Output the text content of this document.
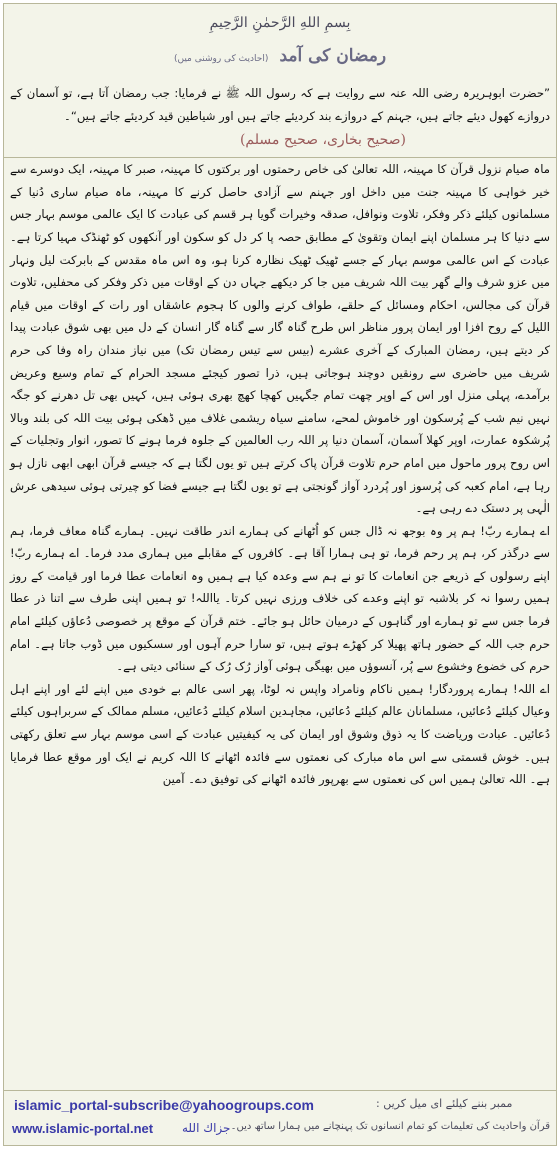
بِسمِ اللهِ الرَّحمٰنِ الرَّحِيمِ
رمضان کی آمد (احادیث کی روشنی میں)

”حضرت ابوہریرہ رضی اللہ عنہ سے روایت ہے کہ رسول اللہ ﷺ نے فرمایا: جب رمضان آتا ہے، تو آسمان کے دروازے کھول دیئے جاتے ہیں، جہنم کے دروازے بند کردیئے جاتے ہیں اور شیاطین قید کردیئے جاتے ہیں“۔

(صحیح بخاری، صحیح مسلم)

ماہ صیام نزول قرآن کا مہینہ، اللہ تعالیٰ کی خاص رحمتوں اور برکتوں کا مہینہ، صبر کا مہینہ، ایک دوسرے سے خیر خواہی کا مہینہ جنت میں داخل اور جہنم سے آزادی حاصل کرنے کا مہینہ، ماہ صیام ساری دُنیا کے مسلمانوں کیلئے ذکر وفکر، تلاوت ونوافل، صدقہ وخیرات گویا ہر قسم کی عبادت کا ایک عالمی موسم بہار جس سے دنیا کا ہر مسلمان اپنے ایمان وتقویٰ کے مطابق حصہ پا کر دل کو سکون اور آنکھوں کو ٹھنڈک مہیا کرتا ہے۔ عبادت کے اس عالمی موسم بہار کے جسے ٹھیک ٹھیک نظارہ کرنا ہو، وہ اس ماہ مقدس کے بابرکت لیل ونہار میں عزو شرف والے گھر بیت اللہ شریف میں جا کر دیکھے جہاں دن کے اوقات میں ذکر وفکر کی محفلیں، تلاوت قرآن کی مجالس، احکام ومسائل کے حلقے، طواف کرنے والوں کا ہجوم عاشقاں اور رات کے اوقات میں قیام اللیل کے روح افزا اور ایمان پرور مناظر اس طرح گناہ گار سے گناہ گار انسان کے دل میں بھی شوق عبادت پیدا کر دیتے ہیں، رمضان المبارک کے آخری عشرے (بیس سے تیس رمضان تک) میں نیاز مندان راہ وفا کی حرم شریف میں حاضری سے رونقیں دوچند ہوجاتی ہیں، ذرا تصور کیجئے مسجد الحرام کے تمام وسیع وعریض برآمدے، پہلی منزل اور اس کے اوپر چھت تمام جگہیں کھچا کھچ بھری ہوئی ہیں، کہیں بھی تل دھرنے کو جگہ نہیں نیم شب کے پُرسکون اور خاموش لمحے، سامنے سیاہ ریشمی غلاف میں ڈھکی ہوئی بیت اللہ کی بلند وبالا پُرشکوہ عمارت، اوپر کھلا آسمان، آسمان دنیا پر اللہ رب العالمین کے جلوہ فرما ہونے کا تصور، انوار وتجلیات کے اس روح پرور ماحول میں امام حرم تلاوت قرآن پاک کرتے ہیں تو یوں لگتا ہے کہ جیسے قرآن ابھی ابھی نازل ہو رہا ہے، امام کعبہ کی پُرسوز اور پُردرد آواز گونجتی ہے تو یوں لگتا ہے جیسے فضا کو چیرتی ہوئی سیدھی عرش الٰہی پر دستک دے رہی ہے۔

اے ہمارے ربّ! ہم پر وہ بوجھ نہ ڈال جس کو اُٹھانے کی ہمارے اندر طاقت نہیں۔ ہمارے گناہ معاف فرما، ہم سے درگذر کر، ہم پر رحم فرما، تو ہی ہمارا آقا ہے۔ کافروں کے مقابلے میں ہماری مدد فرما۔ اے ہمارے ربّ! اپنے رسولوں کے ذریعے جن انعامات کا تو نے ہم سے وعدہ کیا ہے ہمیں وہ انعامات عطا فرما اور قیامت کے روز ہمیں رسوا نہ کر بلاشبہ تو اپنے وعدے کی خلاف ورزی نہیں کرتا۔ یااللہ! تو ہمیں اپنی طرف سے اتنا ذر عطا فرما جس سے تو ہمارے اور گناہوں کے درمیان حائل ہو جائے۔ ختم قرآن کے موقع پر خصوصی دُعاؤں کیلئے امام حرم جب اللہ کے حضور ہاتھ پھیلا کر کھڑے ہوتے ہیں، تو سارا حرم آہوں اور سسکیوں میں ڈوب جاتا ہے۔ امام حرم کی خضوع وخشوع سے پُر، آنسوؤں میں بھیگی ہوئی آواز رُک رُک کے سنائی دیتی ہے۔

اے اللہ! ہمارے پروردگار! ہمیں ناکام ونامراد واپس نہ لوٹا، پھر اسی عالم بے خودی میں اپنے لئے اور اپنے اہل وعیال کیلئے دُعائیں، مسلمانان عالم کیلئے دُعائیں، مجاہدین اسلام کیلئے دُعائیں، مسلم ممالک کے سربراہوں کیلئے دُعائیں۔ عبادت وریاضت کا یہ ذوق وشوق اور ایمان کی یہ کیفیتیں عبادت کے اسی موسم بہار سے تعلق رکھتی ہیں۔ خوش قسمتی سے اس ماہ مبارک کی نعمتوں سے فائدہ اٹھانے کا اللہ کریم نے ایک اور موقع عطا فرمایا ہے۔ اللہ تعالیٰ ہمیں اس کی نعمتوں سے بھرپور فائدہ اٹھانے کی توفیق دے۔ آمین

islamic_portal-subscribe@yahoogroups.com	ممبر بننے کیلئے ای میل کریں :
www.islamic-portal.net جزاك الله قرآن واحادیث کی تعلیمات کو تمام انسانوں تک پہنچانے میں ہمارا ساتھ دیں۔
